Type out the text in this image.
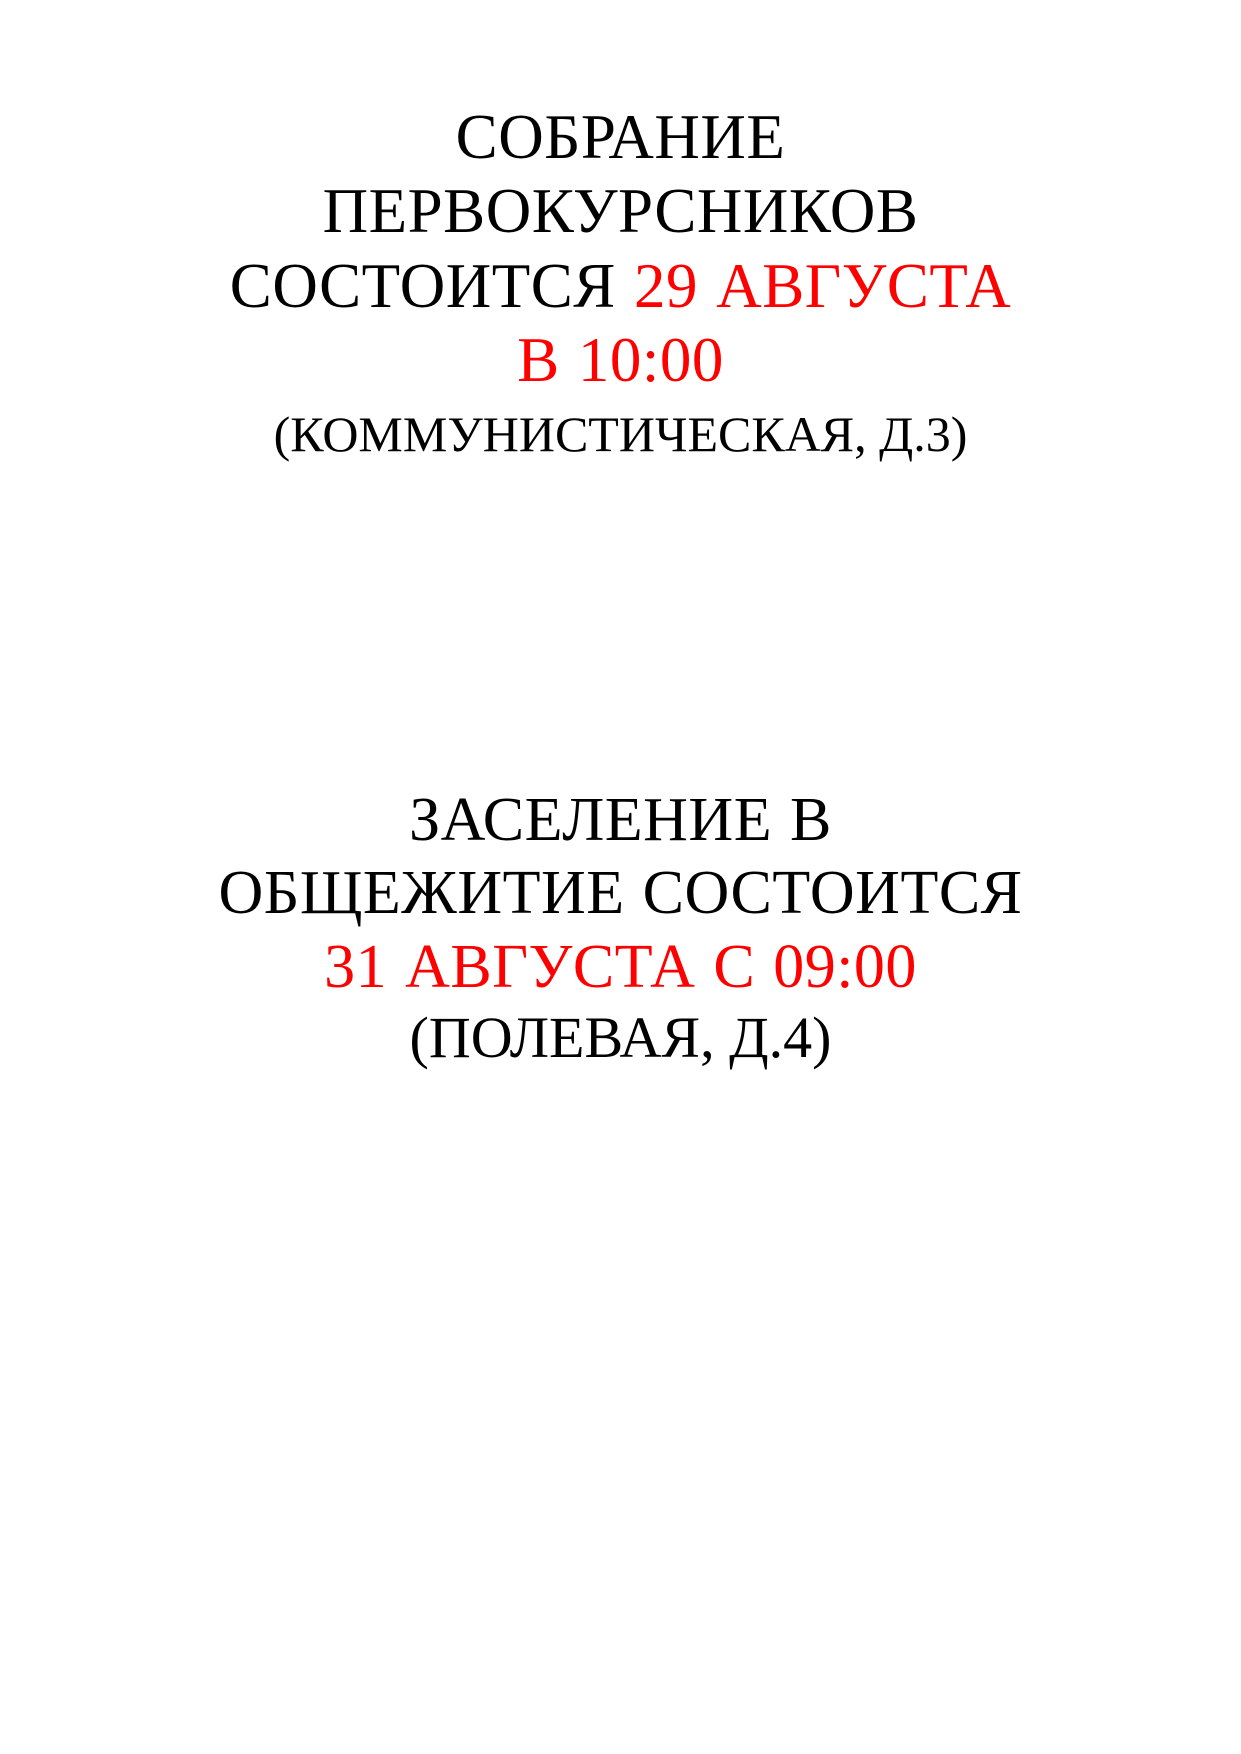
СОБРАНИЕ
ПЕРВОКУРСНИКОВ
СОСТОИТСЯ 29 АВГУСТА
В 10:00
(КОММУНИСТИЧЕСКАЯ, Д.3)
ЗАСЕЛЕНИЕ В
ОБЩЕЖИТИЕ СОСТОИТСЯ
31 АВГУСТА С 09:00
(ПОЛЕВАЯ, Д.4)
